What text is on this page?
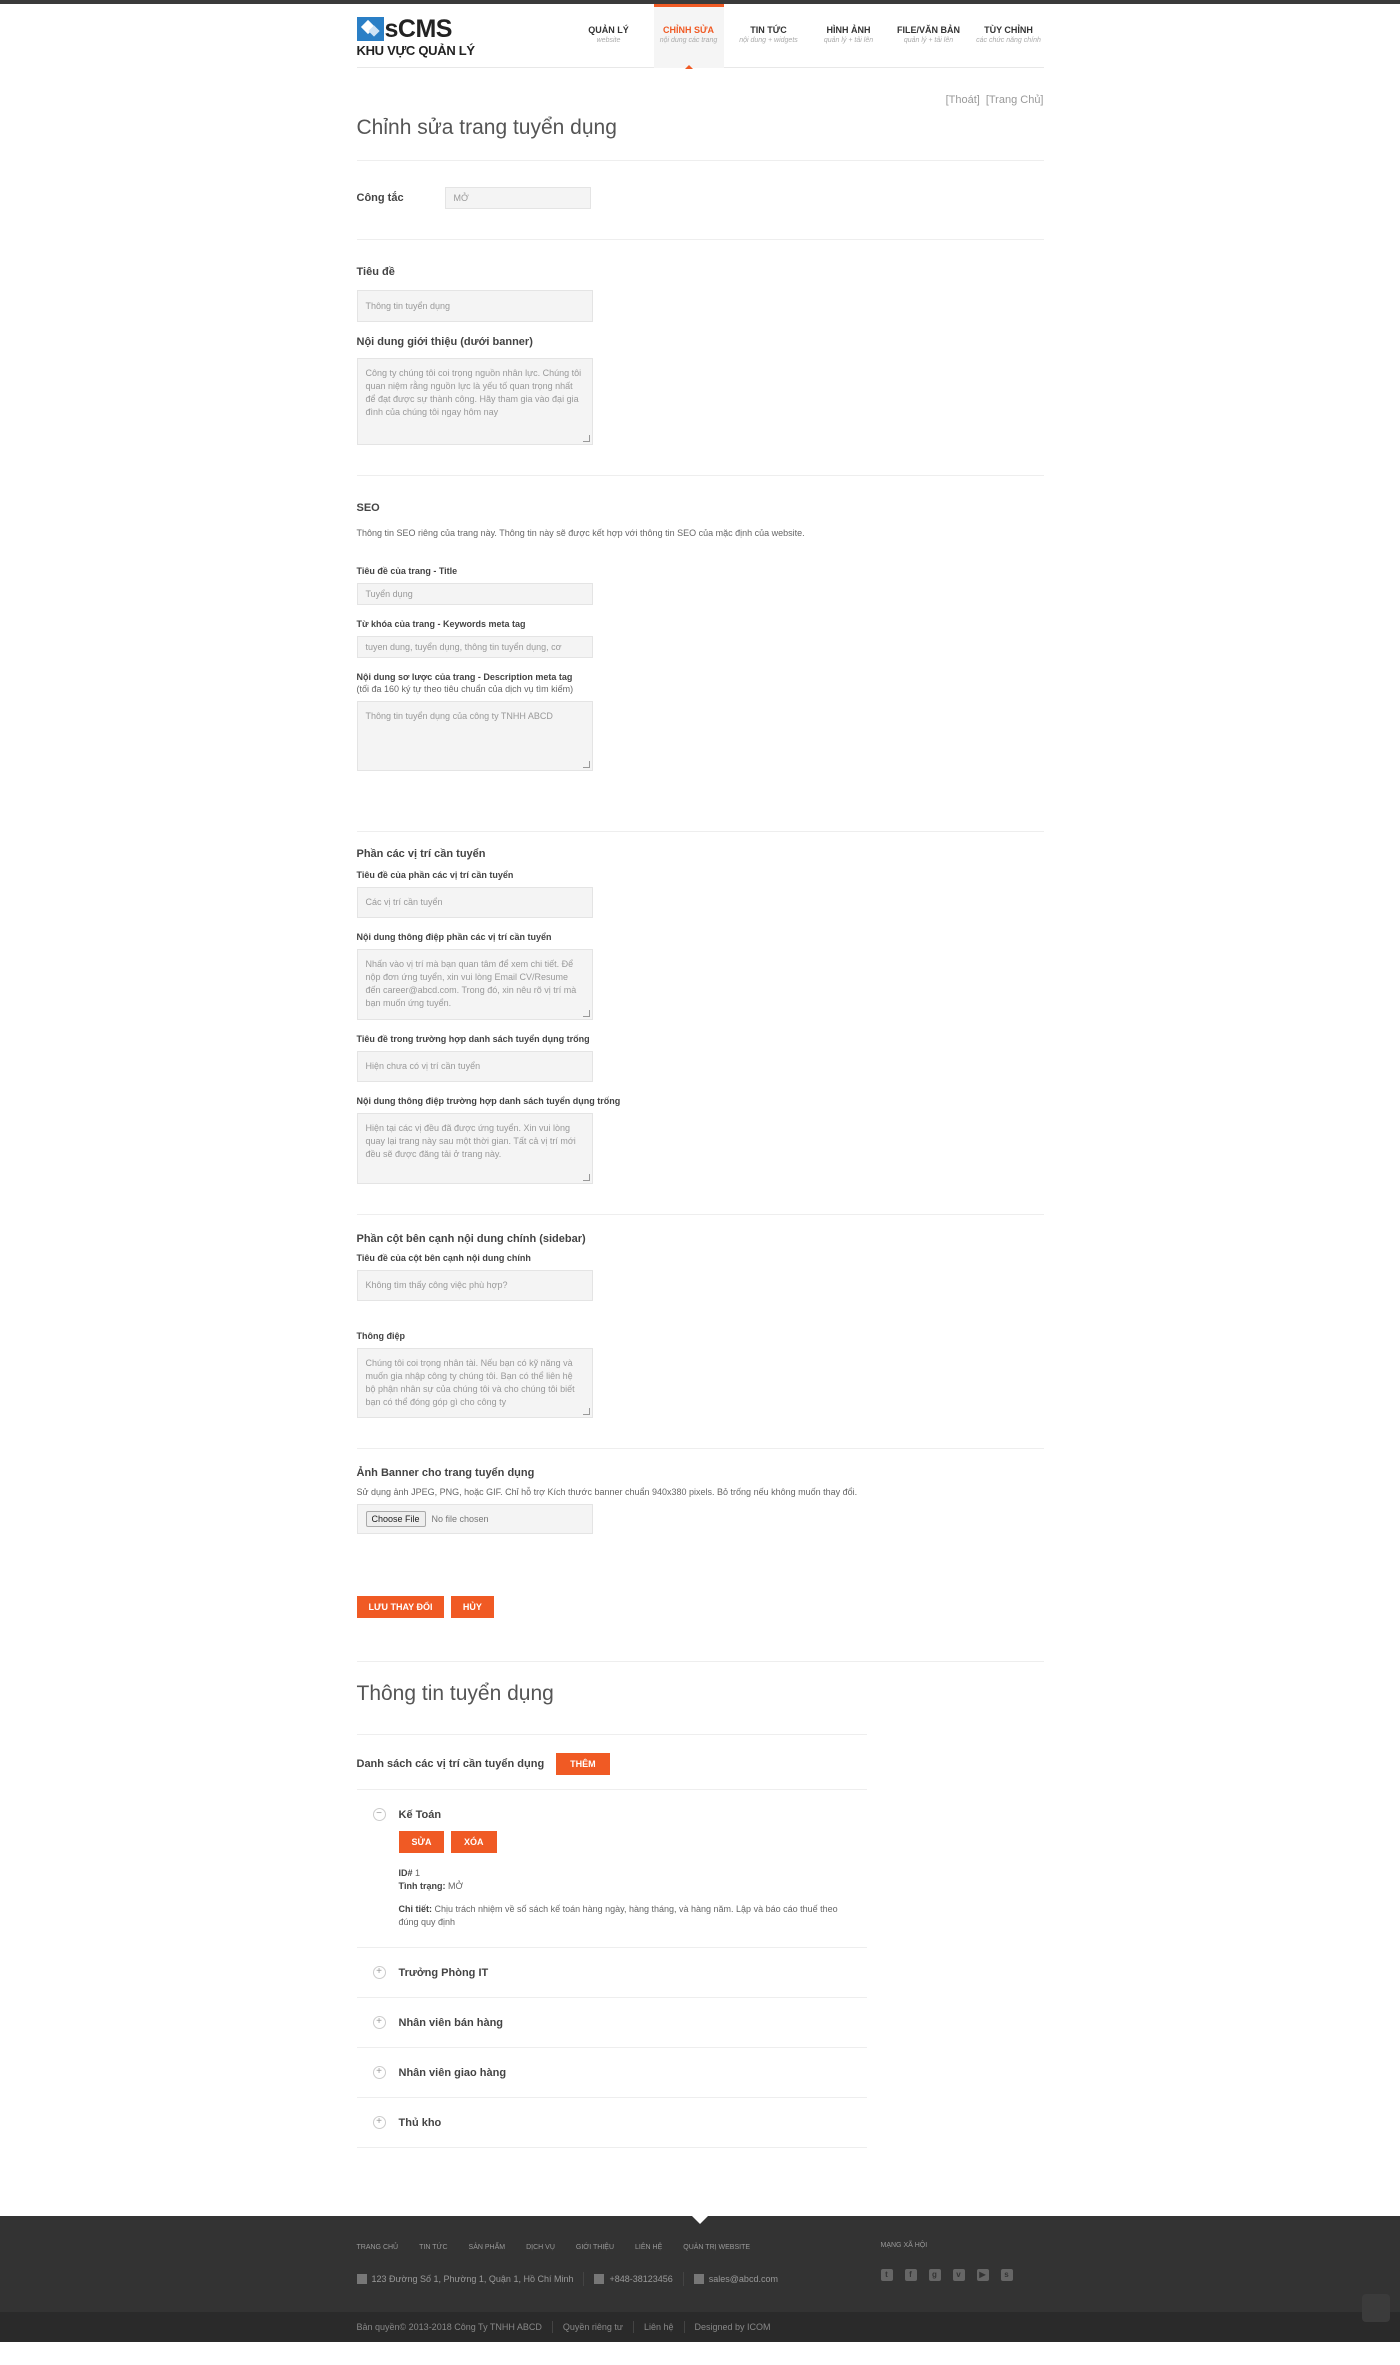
sCMS
KHU VỰC QUẢN LÝ
QUẢN LÝ
website
CHỈNH SỬA
nội dung các trang
TIN TỨC
nội dung + widgets
HÌNH ẢNH
quản lý + tải lên
FILE/VĂN BẢN
quản lý + tải lên
TÙY CHỈNH
các chức năng chính
[Thoát] [Trang Chủ]
Chỉnh sửa trang tuyển dụng
Công tắc	MỞ
Tiêu đề
Thông tin tuyển dụng
Nội dung giới thiệu (dưới banner)
Công ty chúng tôi coi trọng nguồn nhân lực. Chúng tôi quan niệm rằng nguồn lực là yếu tố quan trọng nhất để đạt được sự thành công. Hãy tham gia vào đại gia đình của chúng tôi ngay hôm nay
SEO
Thông tin SEO riêng của trang này. Thông tin này sẽ được kết hợp với thông tin SEO của mặc định của website.
Tiêu đề của trang - Title
Tuyển dụng
Từ khóa của trang - Keywords meta tag
tuyen dung, tuyển dụng, thông tin tuyển dụng, cơ
Nội dung sơ lược của trang - Description meta tag
(tối đa 160 ký tự theo tiêu chuẩn của dịch vụ tìm kiếm)
Thông tin tuyển dụng của công ty TNHH ABCD
Phần các vị trí cần tuyển
Tiêu đề của phần các vị trí cần tuyển
Các vị trí cần tuyển
Nội dung thông điệp phần các vị trí cần tuyển
Nhấn vào vị trí mà bạn quan tâm để xem chi tiết. Để nộp đơn ứng tuyển, xin vui lòng Email CV/Resume đến career@abcd.com. Trong đó, xin nêu rõ vị trí mà bạn muốn ứng tuyển.
Tiêu đề trong trường hợp danh sách tuyển dụng trống
Hiện chưa có vị trí cần tuyển
Nội dung thông điệp trường hợp danh sách tuyển dụng trống
Hiện tại các vị đều đã được ứng tuyển. Xin vui lòng quay lại trang này sau một thời gian. Tất cả vị trí mới đều sẽ được đăng tải ở trang này.
Phần cột bên cạnh nội dung chính (sidebar)
Tiêu đề của cột bên cạnh nội dung chính
Không tìm thấy công việc phù hợp?
Thông điệp
Chúng tôi coi trọng nhân tài. Nếu bạn có kỹ năng và muốn gia nhập công ty chúng tôi. Bạn có thể liên hệ bộ phận nhân sự của chúng tôi và cho chúng tôi biết bạn có thể đóng góp gì cho công ty
Ảnh Banner cho trang tuyển dụng
Sử dụng ảnh JPEG, PNG, hoặc GIF. Chỉ hỗ trợ Kích thước banner chuẩn 940x380 pixels. Bỏ trống nếu không muốn thay đổi.
Choose File	No file chosen
LƯU THAY ĐỔI	HỦY
Thông tin tuyển dụng
Danh sách các vị trí cần tuyển dụng	THÊM
−	Kế Toán
SỬA	XÓA
ID# 1
Tình trạng: MỞ
Chi tiết: Chịu trách nhiệm về số sách kế toán hàng ngày, hàng tháng, và hàng năm. Lập và báo cáo thuế theo đúng quy định
+	Trưởng Phòng IT
+	Nhân viên bán hàng
+	Nhân viên giao hàng
+	Thủ kho
TRANG CHỦ	TIN TỨC	SẢN PHẨM	DỊCH VỤ	GIỚI THIỆU	LIÊN HỆ	QUẢN TRỊ WEBSITE
123 Đường Số 1, Phường 1, Quận 1, Hồ Chí Minh	+848-38123456	sales@abcd.com
MẠNG XÃ HỘI
t	f	g	v	▶	s
Bản quyền© 2013-2018 Công Ty TNHH ABCD Quyền riêng tư Liên hệ Designed by ICOM
